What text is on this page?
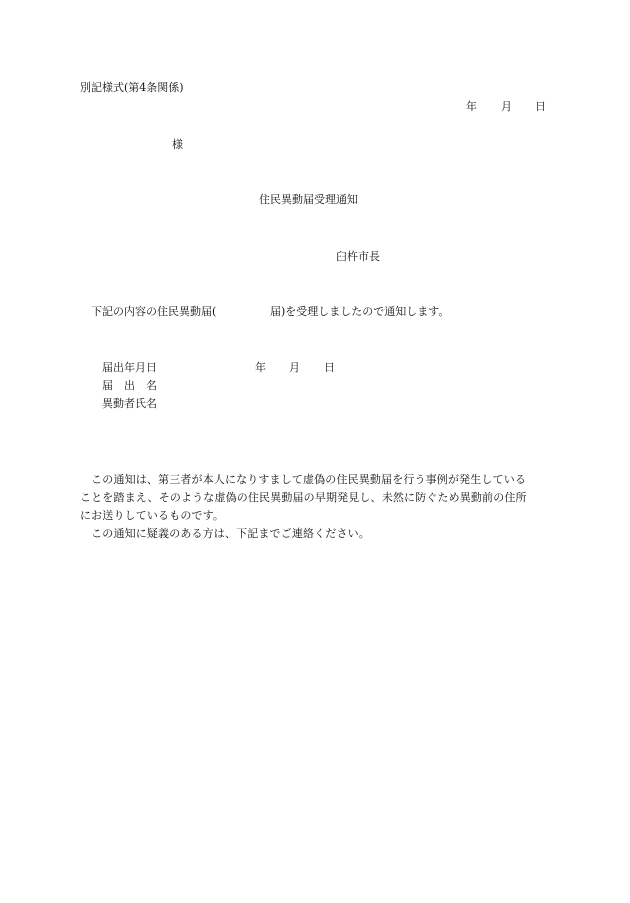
別記様式(第4条関係)
年 月 日
様
住民異動届受理通知
臼杵市長
下記の内容の住民異動届(	届)を受理しましたので通知します。
届出年月日	年 月 日
届　出　名
異動者氏名
　この通知は、第三者が本人になりすまして虚偽の住民異動届を行う事例が発生している
ことを踏まえ、そのような虚偽の住民異動届の早期発見し、未然に防ぐため異動前の住所
にお送りしているものです。
　この通知に疑義のある方は、下記までご連絡ください。
